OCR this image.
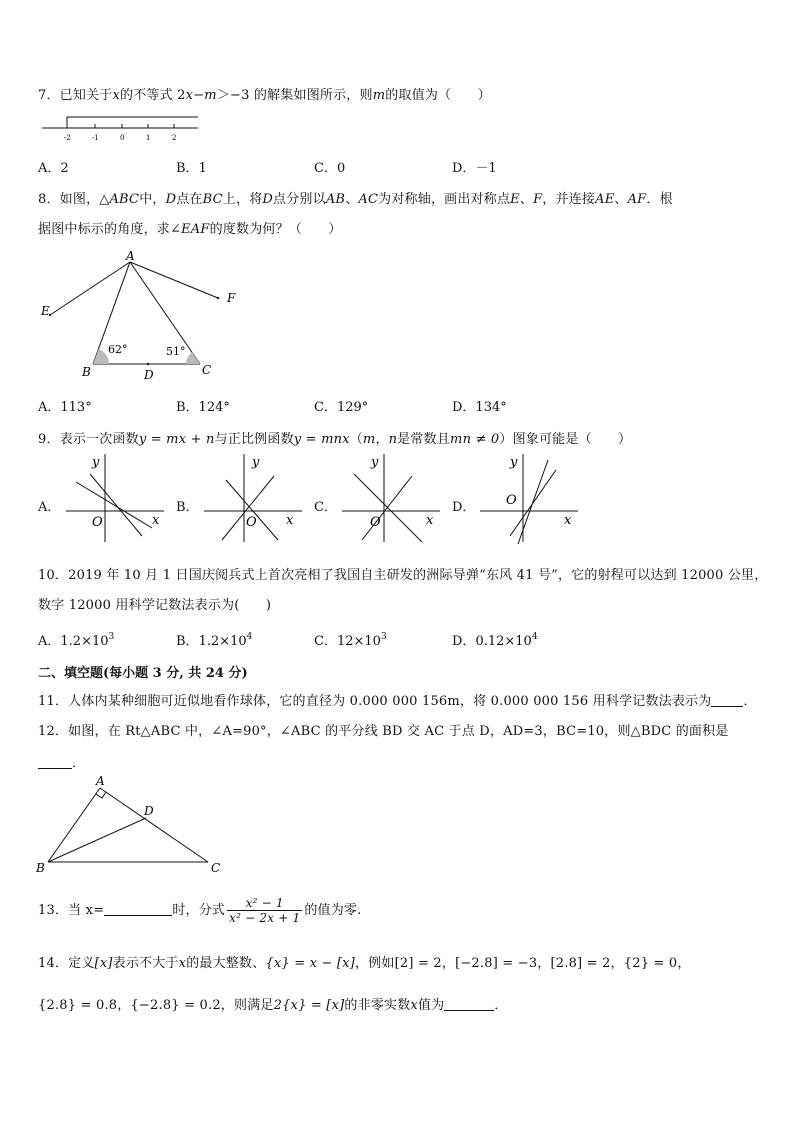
7．已知关于x的不等式 2x−m＞−3 的解集如图所示，则m的取值为（　　）
-2	-1	0	1	2
A．2	B．1	C．0	D．－1
8．如图，△ABC中，D点在BC上，将D点分别以AB、AC为对称轴，画出对称点E、F，并连接AE、AF．根
据图中标示的角度，求∠EAF的度数为何？（　　）
A
B	C
D
E
F
62°	51°
A．113°	B．124°	C．129°	D．134°
9．表示一次函数y = mx + n与正比例函数y = mnx（m，n是常数且mn ≠ 0）图象可能是（　　）
A．
y
x
O
B．
y
x
O
C．
y
x
O
D．
y
x
O
10．2019 年 10 月 1 日国庆阅兵式上首次亮相了我国自主研发的洲际导弹“东风 41 号”，它的射程可以达到 12000 公里，
数字 12000 用科学记数法表示为(　　)
A．$1.2\times 10^3$	B．$1.2\times 10^4$	C．$12\times 10^3$	D．$0.12\times 10^4$
二、填空题(每小题 3 分, 共 24 分)
11．人体内某种细胞可近似地看作球体，它的直径为 0.000 000 156m，将 0.000 000 156 用科学记数法表示为 ．
12．如图，在 Rt△ABC 中，∠A=90°，∠ABC 的平分线 BD 交 AC 于点 D，AD=3，BC=10，则△BDC 的面积是
．
A
B	C
D
13．当 x=	时，分式 $\frac{\text{x² − 1}}{\text{x² − 2x + 1}}$ 的值为零.
14．定义[x]表示不大于x的最大整数、{x} = x − [x]，例如[2] = 2，[−2.8] = −3，[2.8] = 2，{2} = 0，
{2.8} = 0.8，{−2.8} = 0.2，则满足2{x} = [x]的非零实数x值为	．
